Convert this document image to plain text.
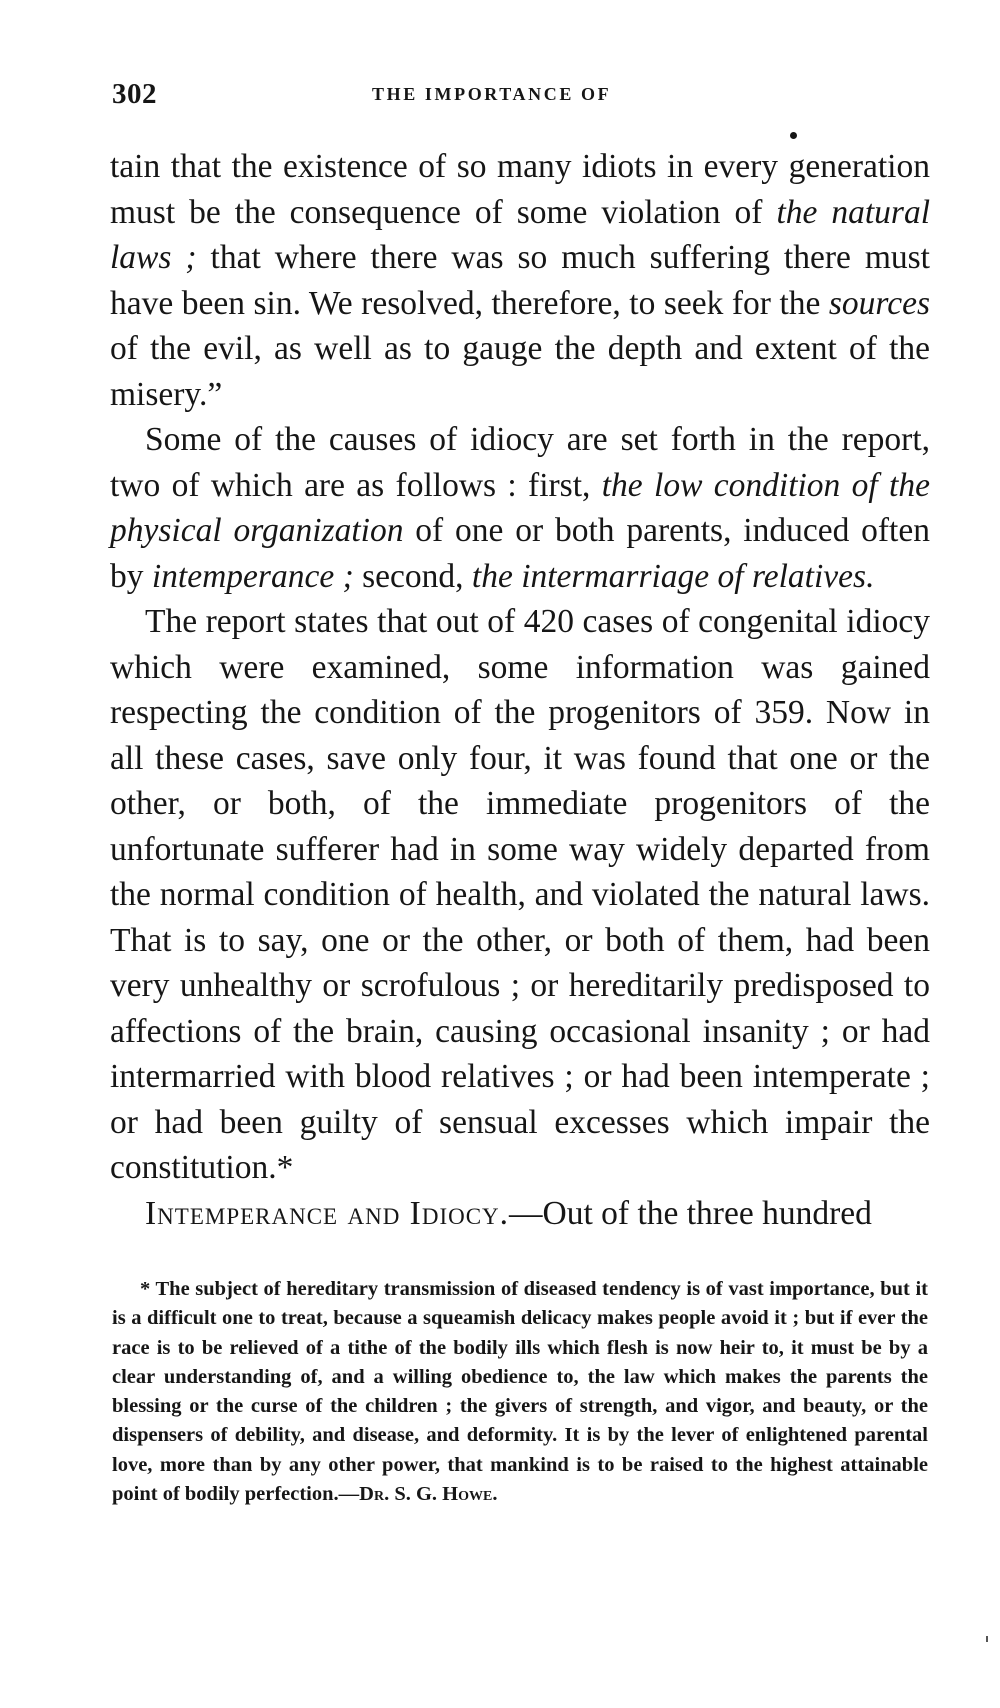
302	THE IMPORTANCE OF

tain that the existence of so many idiots in every generation must be the consequence of some violation of the natural laws ; that where there was so much suffering there must have been sin. We resolved, therefore, to seek for the sources of the evil, as well as to gauge the depth and extent of the misery.”

Some of the causes of idiocy are set forth in the report, two of which are as follows : first, the low condition of the physical organization of one or both parents, induced often by intemperance ; second, the intermarriage of relatives.

The report states that out of 420 cases of congenital idiocy which were examined, some information was gained respecting the condition of the progenitors of 359. Now in all these cases, save only four, it was found that one or the other, or both, of the immediate progenitors of the unfortunate sufferer had in some way widely departed from the normal condition of health, and violated the natural laws. That is to say, one or the other, or both of them, had been very unhealthy or scrofulous ; or hereditarily predisposed to affections of the brain, causing occasional insanity ; or had intermarried with blood relatives ; or had been intemperate ; or had been guilty of sensual excesses which impair the constitution.*

Intemperance and Idiocy.—Out of the three hundred

* The subject of hereditary transmission of diseased tendency is of vast importance, but it is a difficult one to treat, because a squeamish delicacy makes people avoid it ; but if ever the race is to be relieved of a tithe of the bodily ills which flesh is now heir to, it must be by a clear understanding of, and a willing obedience to, the law which makes the parents the blessing or the curse of the children ; the givers of strength, and vigor, and beauty, or the dispensers of debility, and disease, and deformity. It is by the lever of enlightened parental love, more than by any other power, that mankind is to be raised to the highest attainable point of bodily perfection.—Dr. S. G. Howe.
